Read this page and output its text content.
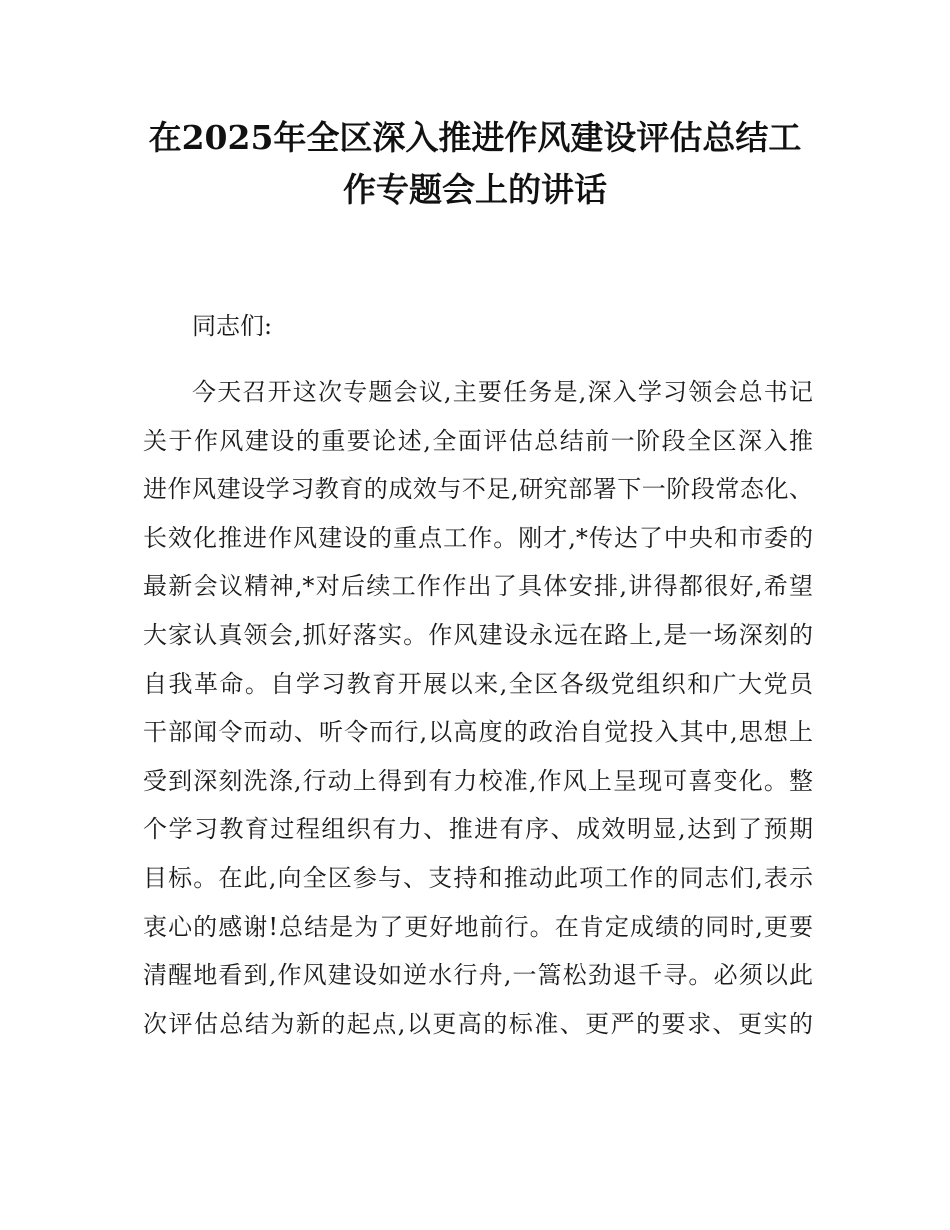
在2025年全区深入推进作风建设评估总结工
作专题会上的讲话

同志们:

今天召开这次专题会议,主要任务是,深入学习领会总书记
关于作风建设的重要论述,全面评估总结前一阶段全区深入推
进作风建设学习教育的成效与不足,研究部署下一阶段常态化、
长效化推进作风建设的重点工作。刚才,*传达了中央和市委的
最新会议精神,*对后续工作作出了具体安排,讲得都很好,希望
大家认真领会,抓好落实。作风建设永远在路上,是一场深刻的
自我革命。自学习教育开展以来,全区各级党组织和广大党员
干部闻令而动、听令而行,以高度的政治自觉投入其中,思想上
受到深刻洗涤,行动上得到有力校准,作风上呈现可喜变化。整
个学习教育过程组织有力、推进有序、成效明显,达到了预期
目标。在此,向全区参与、支持和推动此项工作的同志们,表示
衷心的感谢!总结是为了更好地前行。在肯定成绩的同时,更要
清醒地看到,作风建设如逆水行舟,一篙松劲退千寻。必须以此
次评估总结为新的起点,以更高的标准、更严的要求、更实的
